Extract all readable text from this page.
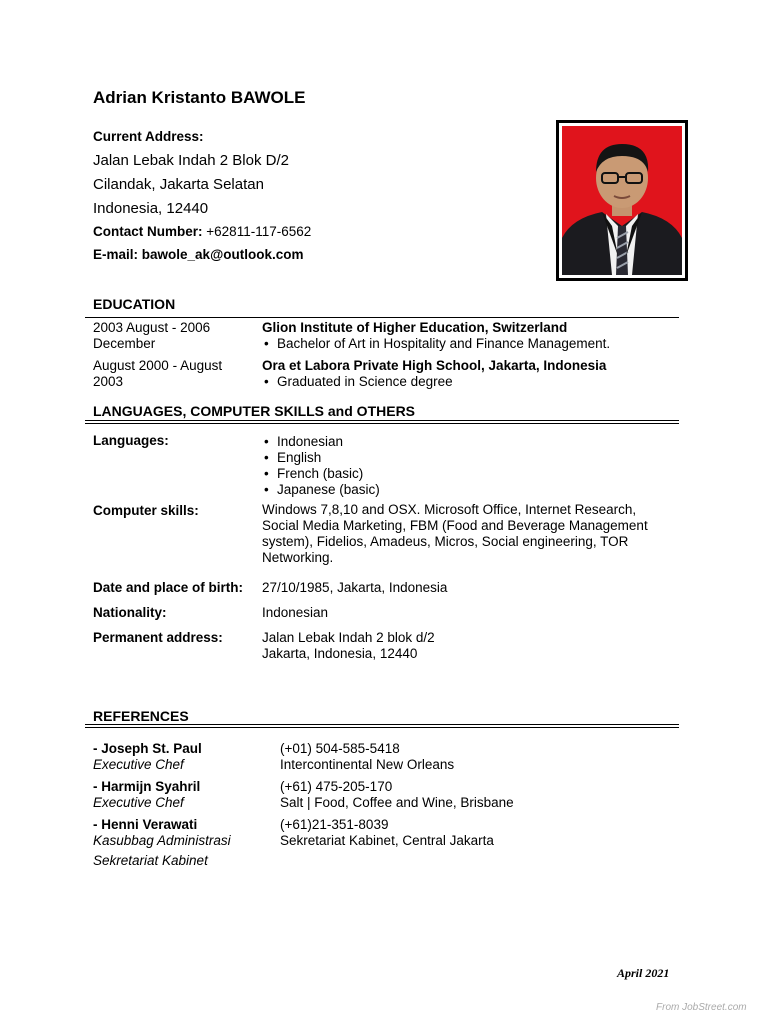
Adrian Kristanto BAWOLE
Current Address:
Jalan Lebak Indah 2 Blok D/2
Cilandak, Jakarta Selatan
Indonesia, 12440
Contact Number: +62811-117-6562
E-mail: bawole_ak@outlook.com
EDUCATION
2003 August - 2006
December
Glion Institute of Higher Education, Switzerland
• Bachelor of Art in Hospitality and Finance Management.
August 2000 - August
2003
Ora et Labora Private High School, Jakarta, Indonesia
• Graduated in Science degree
LANGUAGES, COMPUTER SKILLS and OTHERS
Languages:
•	Indonesian
• English
• French (basic)
• Japanese (basic)
Computer skills:	Windows 7,8,10 and OSX. Microsoft Office, Internet Research,
Social Media Marketing, FBM (Food and Beverage Management
system), Fidelios, Amadeus, Micros, Social engineering, TOR
Networking.
Date and place of birth: 27/10/1985, Jakarta, Indonesia
Nationality:	Indonesian
Permanent address:	Jalan Lebak Indah 2 blok d/2
Jakarta, Indonesia, 12440
REFERENCES
- Joseph St. Paul
Executive Chef
(+01) 504-585-5418
Intercontinental New Orleans
- Harmijn Syahril
Executive Chef
(+61) 475-205-170
Salt | Food, Coffee and Wine, Brisbane
- Henni Verawati
Kasubbag Administrasi
Sekretariat Kabinet
(+61)21-351-8039
Sekretariat Kabinet, Central Jakarta
April 2021
From JobStreet.com
